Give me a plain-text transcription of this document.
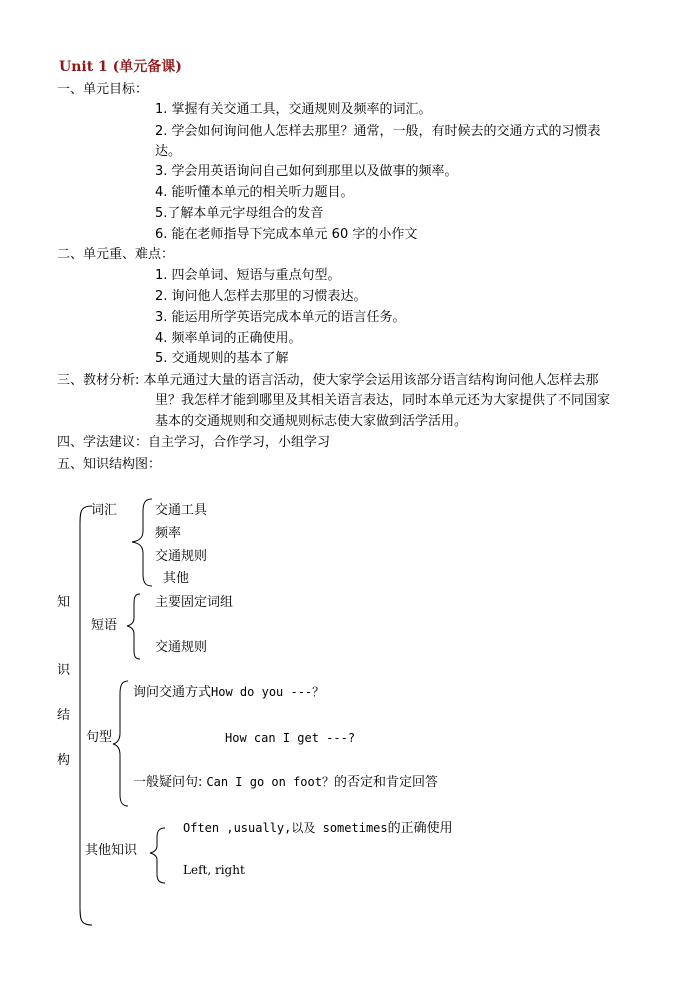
Unit 1 (单元备课)
一、单元目标：
1. 掌握有关交通工具，交通规则及频率的词汇。
2. 学会如何询问他人怎样去那里？通常，一般，有时候去的交通方式的习惯表
达。
3. 学会用英语询问自己如何到那里以及做事的频率。
4. 能听懂本单元的相关听力题目。
5.了解本单元字母组合的发音
6. 能在老师指导下完成本单元 60 字的小作文
二、单元重、难点：
1. 四会单词、短语与重点句型。
2. 询问他人怎样去那里的习惯表达。
3. 能运用所学英语完成本单元的语言任务。
4. 频率单词的正确使用。
5. 交通规则的基本了解
三、教材分析: 本单元通过大量的语言活动，使大家学会运用该部分语言结构询问他人怎样去那
里？我怎样才能到哪里及其相关语言表达，同时本单元还为大家提供了不同国家
基本的交通规则和交通规则标志使大家做到活学活用。
四、学法建议：自主学习，合作学习，小组学习
五、知识结构图：
知
识
结
构
词汇	交通工具
频率
交通规则
其他
短语
主要固定词组
交通规则
句型
询问交通方式How do you ---？
How can I get ---?
一般疑问句: Can I go on foot？的否定和肯定回答
其他知识
Often ,usually,以及 sometimes的正确使用
Left, right
